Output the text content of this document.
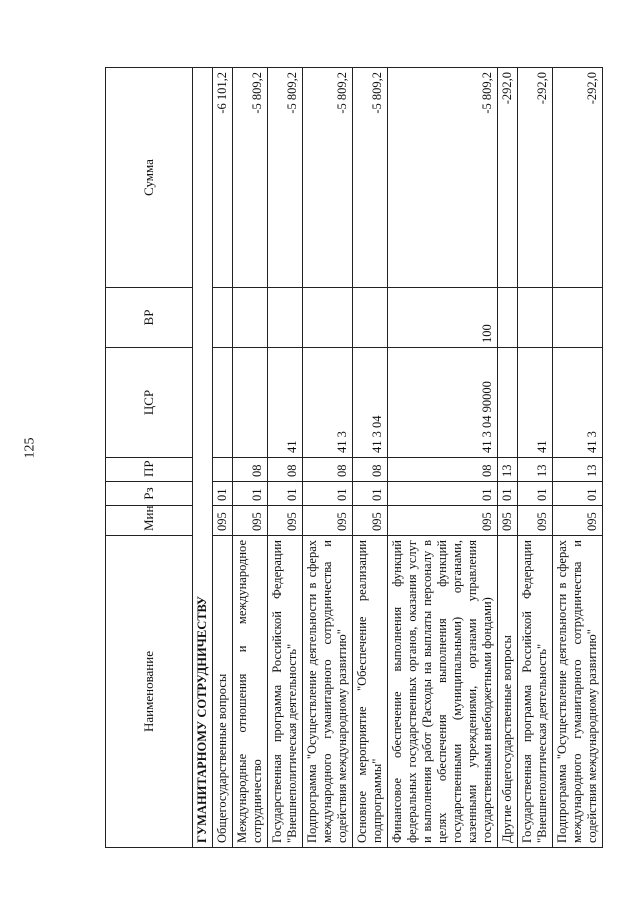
125
Наименование	Мин	Рз	ПР	ЦСР	ВР	Сумма
ГУМАНИТАРНОМУ СОТРУДНИЧЕСТВУ						
Общегосударственные вопросы	095	01				-6 101,2
Международные отношения и международное сотрудничество	095	01	08			-5 809,2
Государственная программа Российской Федерации "Внешнеполитическая деятельность"	095	01	08	41		-5 809,2
Подпрограмма "Осуществление деятельности в сферах международного гуманитарного сотрудничества и содействия международному развитию"	095	01	08	41 3		-5 809,2
Основное мероприятие "Обеспечение реализации подпрограммы"	095	01	08	41 3 04		-5 809,2
Финансовое обеспечение выполнения функций федеральных государственных органов, оказания услуг и выполнения работ (Расходы на выплаты персоналу в целях обеспечения выполнения функций государственными (муниципальными) органами, казенными учреждениями, органами управления государственными внебюджетными фондами)	095	01	08	41 3 04 90000	100	-5 809,2
Другие общегосударственные вопросы	095	01	13			-292,0
Государственная программа Российской Федерации "Внешнеполитическая деятельность"	095	01	13	41		-292,0
Подпрограмма "Осуществление деятельности в сферах международного гуманитарного сотрудничества и содействия международному развитию"	095	01	13	41 3		-292,0
